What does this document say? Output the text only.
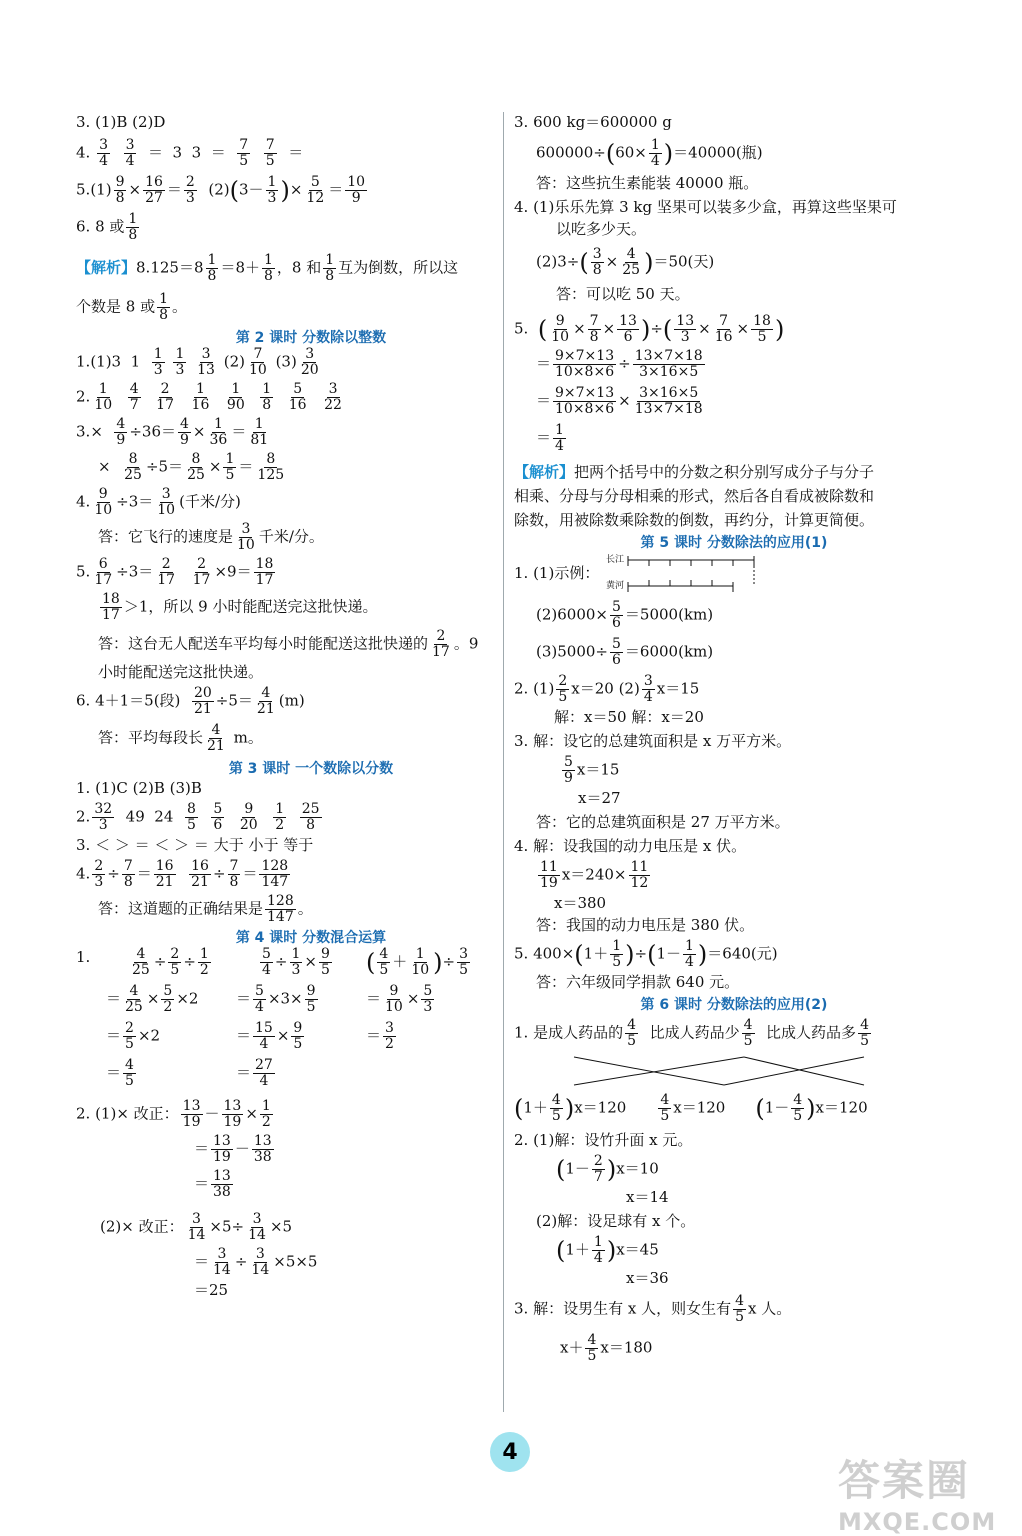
3. (1)B (2)D
4. $\frac{3}{4}$
$\frac{3}{4} = 3$  $3 = \frac{7}{5}$
$\frac{7}{5}$ ＝
$5.(1) \frac{9}{8} \times \frac{16}{27} = \frac{2}{3} (2)(3- \frac{1}{3}$ )× $\frac{5}{12} = \frac{10}{9}$
6. 8 或 $\frac{1}{8}$
【解析】$8.125=8 \frac{1}{8} =8+ \frac{1}{8}$ ，8 和 $\frac{1}{8}$ 互为倒数，所以这
个数是 8 或 $\frac{1}{8}$ 。
第 2 课时 分数除以整数
1.(1)3  $1 \frac{1}{3}$
$\frac{1}{3}$
$\frac{3}{13} (2) \frac{7}{10} (3) \frac{3}{20}$
2. $\frac{1}{10}$
$\frac{4}{7}$
$\frac{2}{17}$
$\frac{1}{16}$
$\frac{1}{90}$
$\frac{1}{8}$
$\frac{5}{16}$
$\frac{3}{22}$
$3.\times \frac{4}{9} \div 36= \frac{4}{9} \times \frac{1}{36} = \frac{1}{81}$
× $\frac{8}{25} \div 5= \frac{8}{25} \times \frac{1}{5} = \frac{8}{125}$
4. $\frac{9}{10} \div 3= \frac{3}{10}$ (千米/分)
答：它飞行的速度是 $\frac{3}{10}$ 千米/分。
5. $\frac{6}{17} \div 3= \frac{2}{17}$
$\frac{2}{17} \times 9= \frac{18}{17}$
$\frac{18}{17} >1$，所以 9 小时能配送完这批快递。
答：这台无人配送车平均每小时能配送这批快递的 $\frac{2}{17}$ 。9
小时能配送完这批快递。
6. 4＋1＝5(段) $\frac{20}{21} \div 5= \frac{4}{21} (m)$
答：平均每段长 $\frac{4}{21}$ m。
第 3 课时 一个数除以分数
1. (1)C (2)B (3)B
2. $\frac{32}{3} 49$  $24 \frac{8}{5}$
$\frac{5}{6}$
$\frac{9}{20}$
$\frac{1}{2}$
$\frac{25}{8}$
3. ＜ ＞ ＝ ＜ ＞ ＝ 大于 小于 等于
4. $\frac{2}{3} \div \frac{7}{8} = \frac{16}{21}$
$\frac{16}{21} \div \frac{7}{8} = \frac{128}{147}$
答：这道题的正确结果是 $\frac{128}{147}$ 。
第 4 课时 分数混合运算
1.	$\frac{4}{25} \div \frac{2}{5} \div \frac{1}{2}$
＝ $\frac{4}{25} \times \frac{5}{2} \times 2$
＝ $\frac{2}{5} \times 2$
＝ $\frac{4}{5}$
$\frac{5}{4} \div \frac{1}{3} \times \frac{9}{5}$
＝ $\frac{5}{4} \times 3\times \frac{9}{5}$
＝ $\frac{15}{4} \times \frac{9}{5}$
＝ $\frac{27}{4}$
( $\frac{4}{5} + \frac{1}{10}$ )÷ $\frac{3}{5}$
＝ $\frac{9}{10} \times \frac{5}{3}$
＝ $\frac{3}{2}$
2. (1)× 改正： $\frac{13}{19} - \frac{13}{19} \times \frac{1}{2}$
＝ $\frac{13}{19} - \frac{13}{38}$
＝ $\frac{13}{38}$
(2)× 改正： $\frac{3}{14} \times 5\div \frac{3}{14} \times 5$
＝ $\frac{3}{14} \div \frac{3}{14} \times 5\times 5$
＝25
3. 600 kg＝600000 g
$600000\div(60\times \frac{1}{4} )=40000$(瓶)
答：这些抗生素能装 40000 瓶。
4. (1)乐乐先算 3 kg 坚果可以装多少盒，再算这些坚果可
以吃多少天。
$(2)3\div( \frac{3}{8} \times \frac{4}{25} )=50$(天)
答：可以吃 50 天。
5. ( $\frac{9}{10} \times \frac{7}{8} \times \frac{13}{6}$ )÷( $\frac{13}{3} \times \frac{7}{16} \times \frac{18}{5}$ )
＝ $\frac{9\times 7\times 13}{10\times 8\times 6} \div \frac{13\times 7\times 18}{3\times 16\times 5}$
＝ $\frac{9\times 7\times 13}{10\times 8\times 6} \times \frac{3\times 16\times 5}{13\times 7\times 18}$
＝ $\frac{1}{4}$
【解析】把两个括号中的分数之积分别写成分子与分子
相乘、分母与分母相乘的形式，然后各自看成被除数和
除数，用被除数乘除数的倒数，再约分，计算更简便。
第 5 课时 分数除法的应用(1)
1. (1)示例：
长江
黄河
$(2)6000\times \frac{5}{6} =5000(km)$
$(3)5000\div \frac{5}{6} =6000(km)$
2. $(1) \frac{2}{5} x=20$ $(2) \frac{3}{4} x=15$
解：x＝50 解：x＝20
3. 解：设它的总建筑面积是 x 万平方米。
$\frac{5}{9} x=15$
x＝27
答：它的总建筑面积是 27 万平方米。
4. 解：设我国的动力电压是 x 伏。
$\frac{11}{19} x=240\times \frac{11}{12}$
x＝380
答：我国的动力电压是 380 伏。
5. $400\times(1+ \frac{1}{5} )\div(1- \frac{1}{4} )=640$(元)
答：六年级同学捐款 640 元。
第 6 课时 分数除法的应用(2)
1. 是成人药品的 $\frac{4}{5}$ 比成人药品少 $\frac{4}{5}$ 比成人药品多 $\frac{4}{5}$
$(1+ \frac{4}{5} )x=120 \frac{4}{5} x=120$ $(1- \frac{4}{5} )x=120$
2. (1)解：设竹升面 x 元。
$(1- \frac{2}{7} )x=10$
x＝14
(2)解：设足球有 x 个。
$(1+ \frac{1}{4} )x=45$
x＝36
3. 解：设男生有 x 人，则女生有 $\frac{4}{5}$ x 人。
$x+ \frac{4}{5} x=180$
4
答案圈
MXQE.COM
